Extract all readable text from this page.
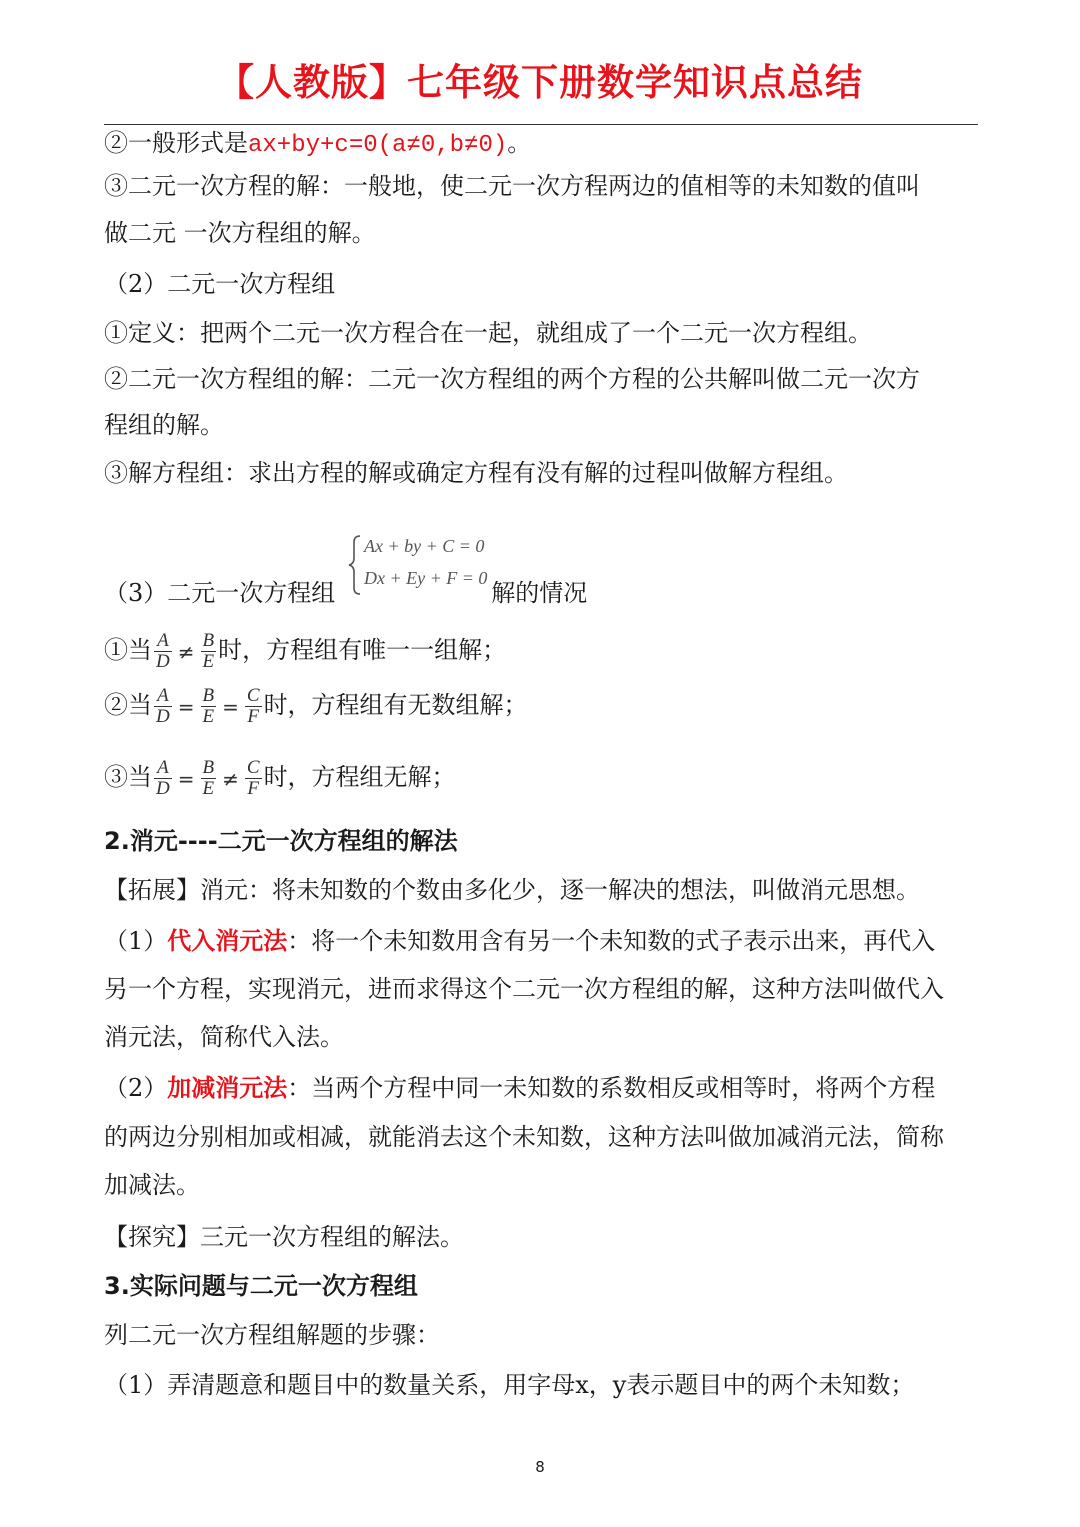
【人教版】七年级下册数学知识点总结
②一般形式是ax+by+c=0(a≠0,b≠0)。
③二元一次方程的解：一般地，使二元一次方程两边的值相等的未知数的值叫
做二元 一次方程组的解。
（2）二元一次方程组
①定义：把两个二元一次方程合在一起，就组成了一个二元一次方程组。
②二元一次方程组的解：二元一次方程组的两个方程的公共解叫做二元一次方
程组的解。
③解方程组：求出方程的解或确定方程有没有解的过程叫做解方程组。
（3）二元一次方程组	解的情况
Ax + by + C = 0
Dx + Ey + F = 0
①当 $\frac{A}{D} \ne \frac{B}{E}$ 时，方程组有唯一一组解；
②当 $\frac{A}{D} = \frac{B}{E} = \frac{C}{F}$ 时，方程组有无数组解；
③当 $\frac{A}{D} = \frac{B}{E} \ne \frac{C}{F}$ 时，方程组无解；
2.消元----二元一次方程组的解法
【拓展】消元：将未知数的个数由多化少，逐一解决的想法，叫做消元思想。
（1）代入消元法：将一个未知数用含有另一个未知数的式子表示出来，再代入
另一个方程，实现消元，进而求得这个二元一次方程组的解，这种方法叫做代入
消元法，简称代入法。
（2）加减消元法：当两个方程中同一未知数的系数相反或相等时，将两个方程
的两边分别相加或相减，就能消去这个未知数，这种方法叫做加减消元法，简称
加减法。
【探究】三元一次方程组的解法。
3.实际问题与二元一次方程组
列二元一次方程组解题的步骤：
（1）弄清题意和题目中的数量关系，用字母x，y表示题目中的两个未知数；
8
